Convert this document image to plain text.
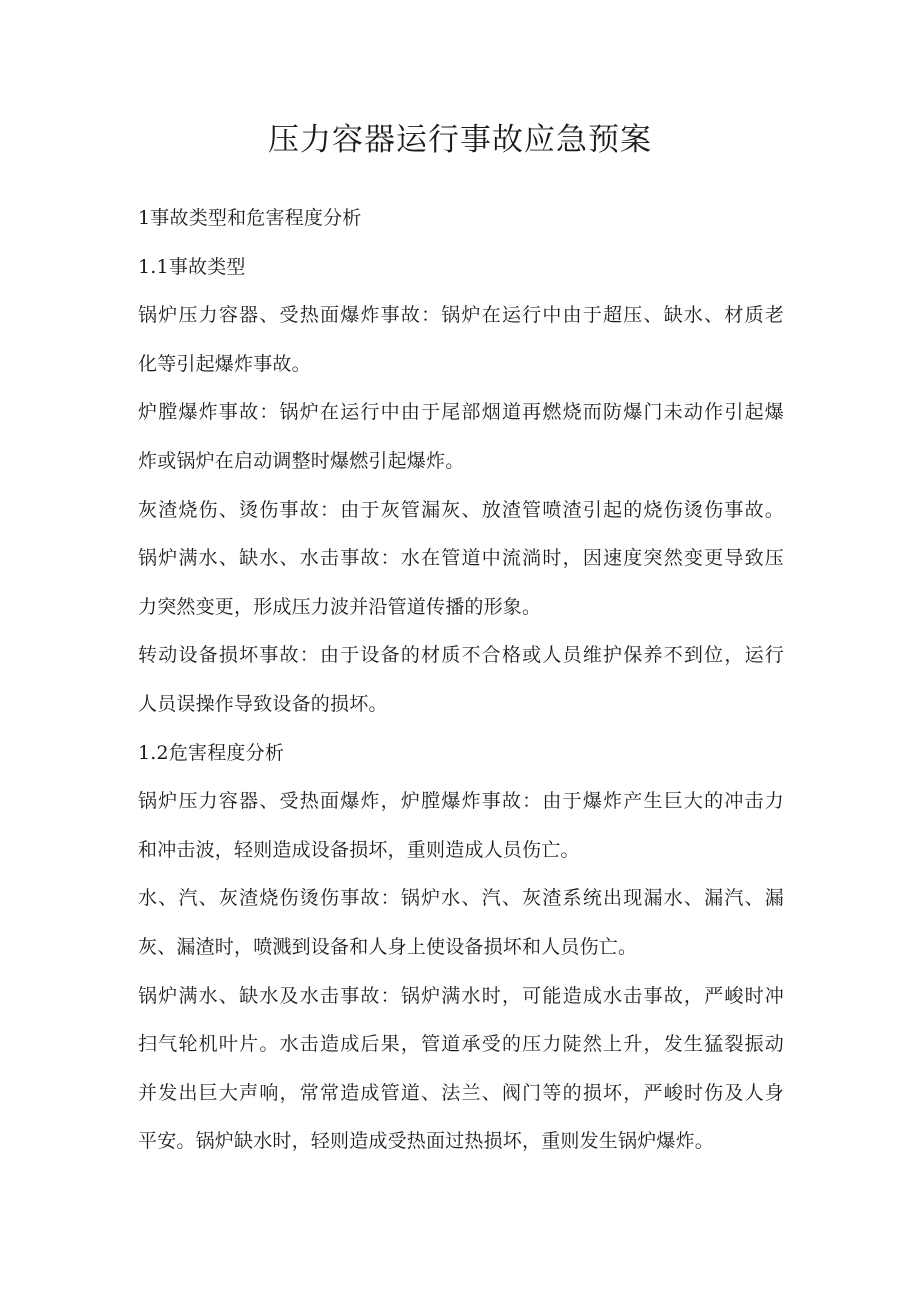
压力容器运行事故应急预案
1事故类型和危害程度分析
1.1事故类型
锅炉压力容器、受热面爆炸事故：锅炉在运行中由于超压、缺水、材质老
化等引起爆炸事故。
炉膛爆炸事故：锅炉在运行中由于尾部烟道再燃烧而防爆门未动作引起爆
炸或锅炉在启动调整时爆燃引起爆炸。
灰渣烧伤、烫伤事故：由于灰管漏灰、放渣管喷渣引起的烧伤烫伤事故。
锅炉满水、缺水、水击事故：水在管道中流淌时，因速度突然变更导致压
力突然变更，形成压力波并沿管道传播的形象。
转动设备损坏事故：由于设备的材质不合格或人员维护保养不到位，运行
人员误操作导致设备的损坏。
1.2危害程度分析
锅炉压力容器、受热面爆炸，炉膛爆炸事故：由于爆炸产生巨大的冲击力
和冲击波，轻则造成设备损坏，重则造成人员伤亡。
水、汽、灰渣烧伤烫伤事故：锅炉水、汽、灰渣系统出现漏水、漏汽、漏
灰、漏渣时，喷溅到设备和人身上使设备损坏和人员伤亡。
锅炉满水、缺水及水击事故：锅炉满水时，可能造成水击事故，严峻时冲
扫气轮机叶片。水击造成后果，管道承受的压力陡然上升，发生猛裂振动
并发出巨大声响，常常造成管道、法兰、阀门等的损坏，严峻时伤及人身
平安。锅炉缺水时，轻则造成受热面过热损坏，重则发生锅炉爆炸。
